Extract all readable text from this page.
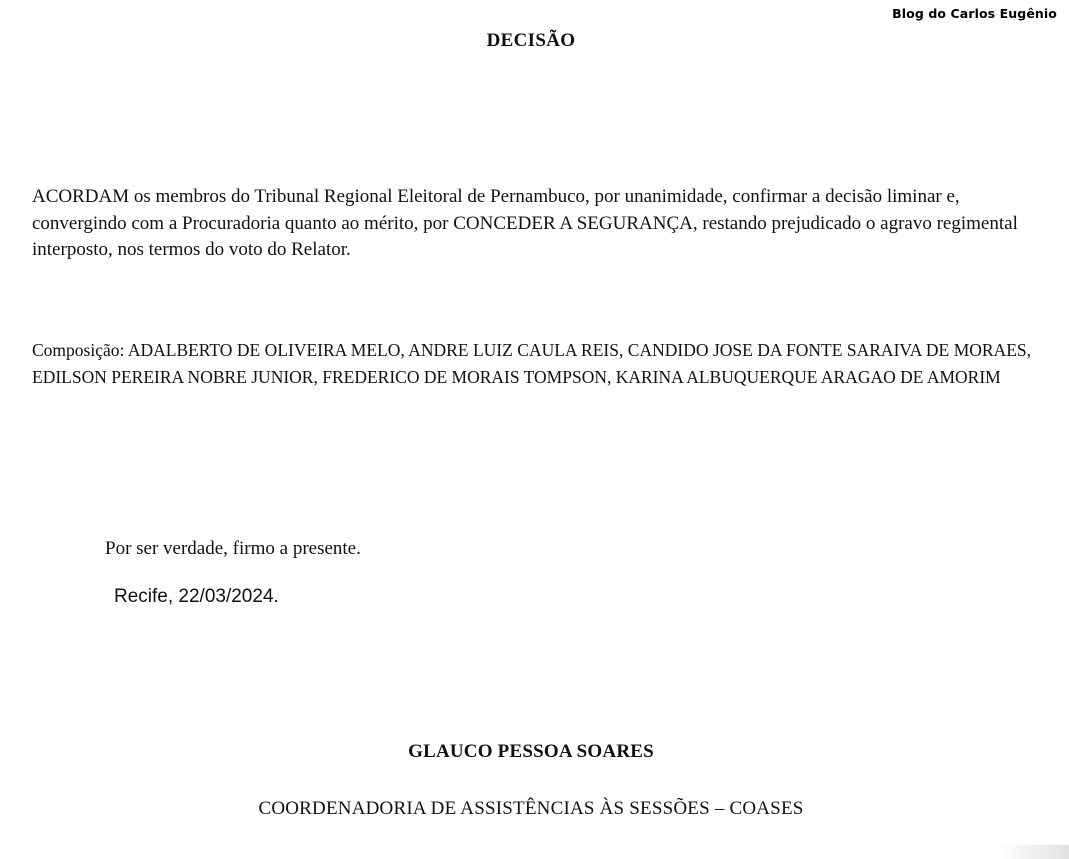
Blog do Carlos Eugênio
DECISÃO
ACORDAM os membros do Tribunal Regional Eleitoral de Pernambuco, por unanimidade, confirmar a decisão liminar e, convergindo com a Procuradoria quanto ao mérito, por CONCEDER A SEGURANÇA, restando prejudicado o agravo regimental interposto, nos termos do voto do Relator.
Composição: ADALBERTO DE OLIVEIRA MELO, ANDRE LUIZ CAULA REIS, CANDIDO JOSE DA FONTE SARAIVA DE MORAES, EDILSON PEREIRA NOBRE JUNIOR, FREDERICO DE MORAIS TOMPSON, KARINA ALBUQUERQUE ARAGAO DE AMORIM
Por ser verdade, firmo a presente.
Recife, 22/03/2024.
GLAUCO PESSOA SOARES
COORDENADORIA DE ASSISTÊNCIAS ÀS SESSÕES – COASES
